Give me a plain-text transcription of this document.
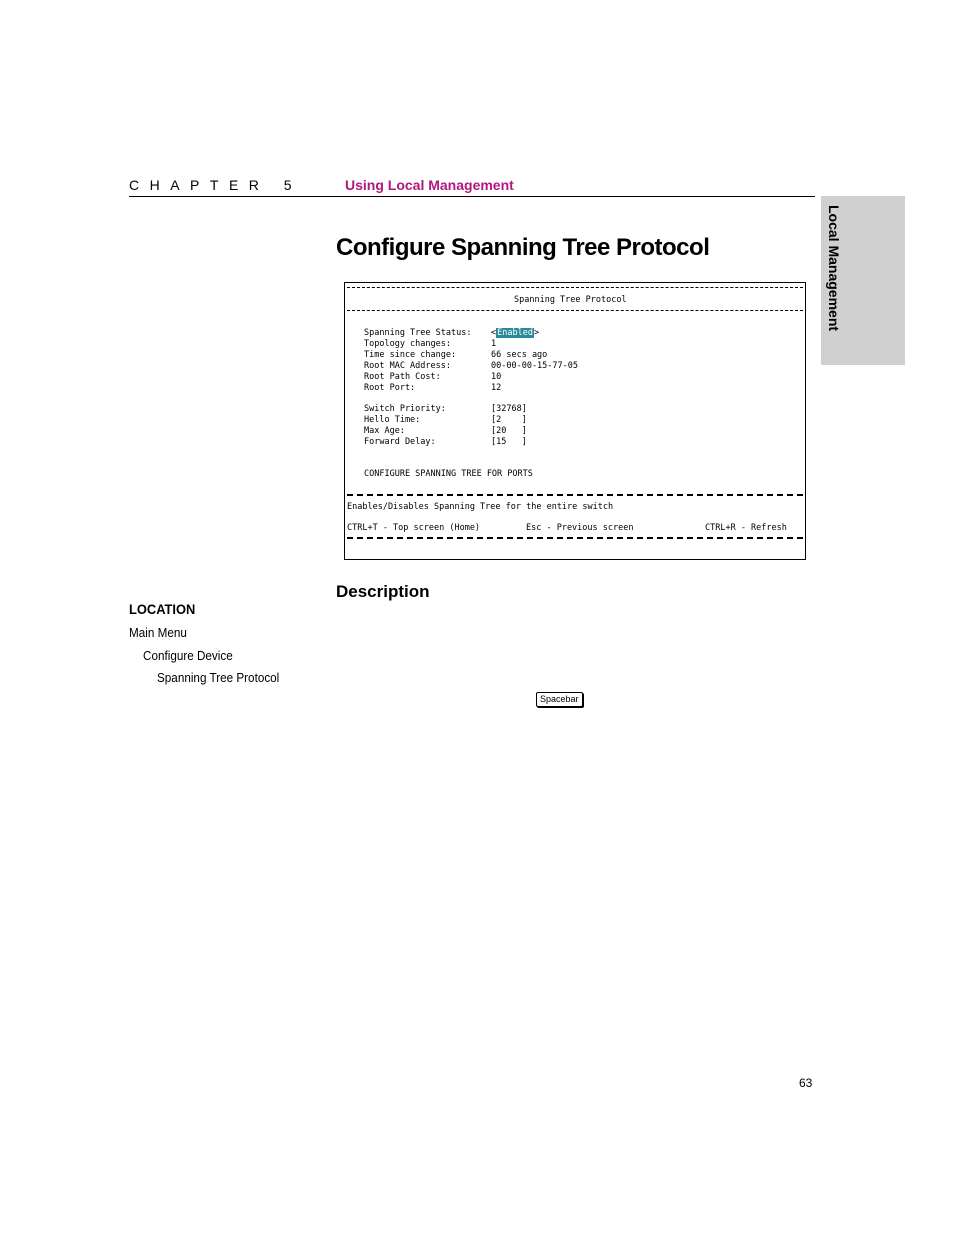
CHAPTER 5	Using Local Management
Local Management
Configure Spanning Tree Protocol
Spanning Tree Protocol
Spanning Tree Status: <Enabled>
Topology changes:	1
Time since change:	66 secs ago
Root MAC Address:	00-00-00-15-77-05
Root Path Cost:	10
Root Port:	12
Switch Priority:	[32768]
Hello Time:	[2    ]
Max Age:	[20   ]
Forward Delay:	[15   ]
CONFIGURE SPANNING TREE FOR PORTS
Enables/Disables Spanning Tree for the entire switch
CTRL+T - Top screen (Home)	Esc - Previous screen	CTRL+R - Refresh
Description
LOCATION
Main Menu
Configure Device
Spanning Tree Protocol
Spacebar
63
